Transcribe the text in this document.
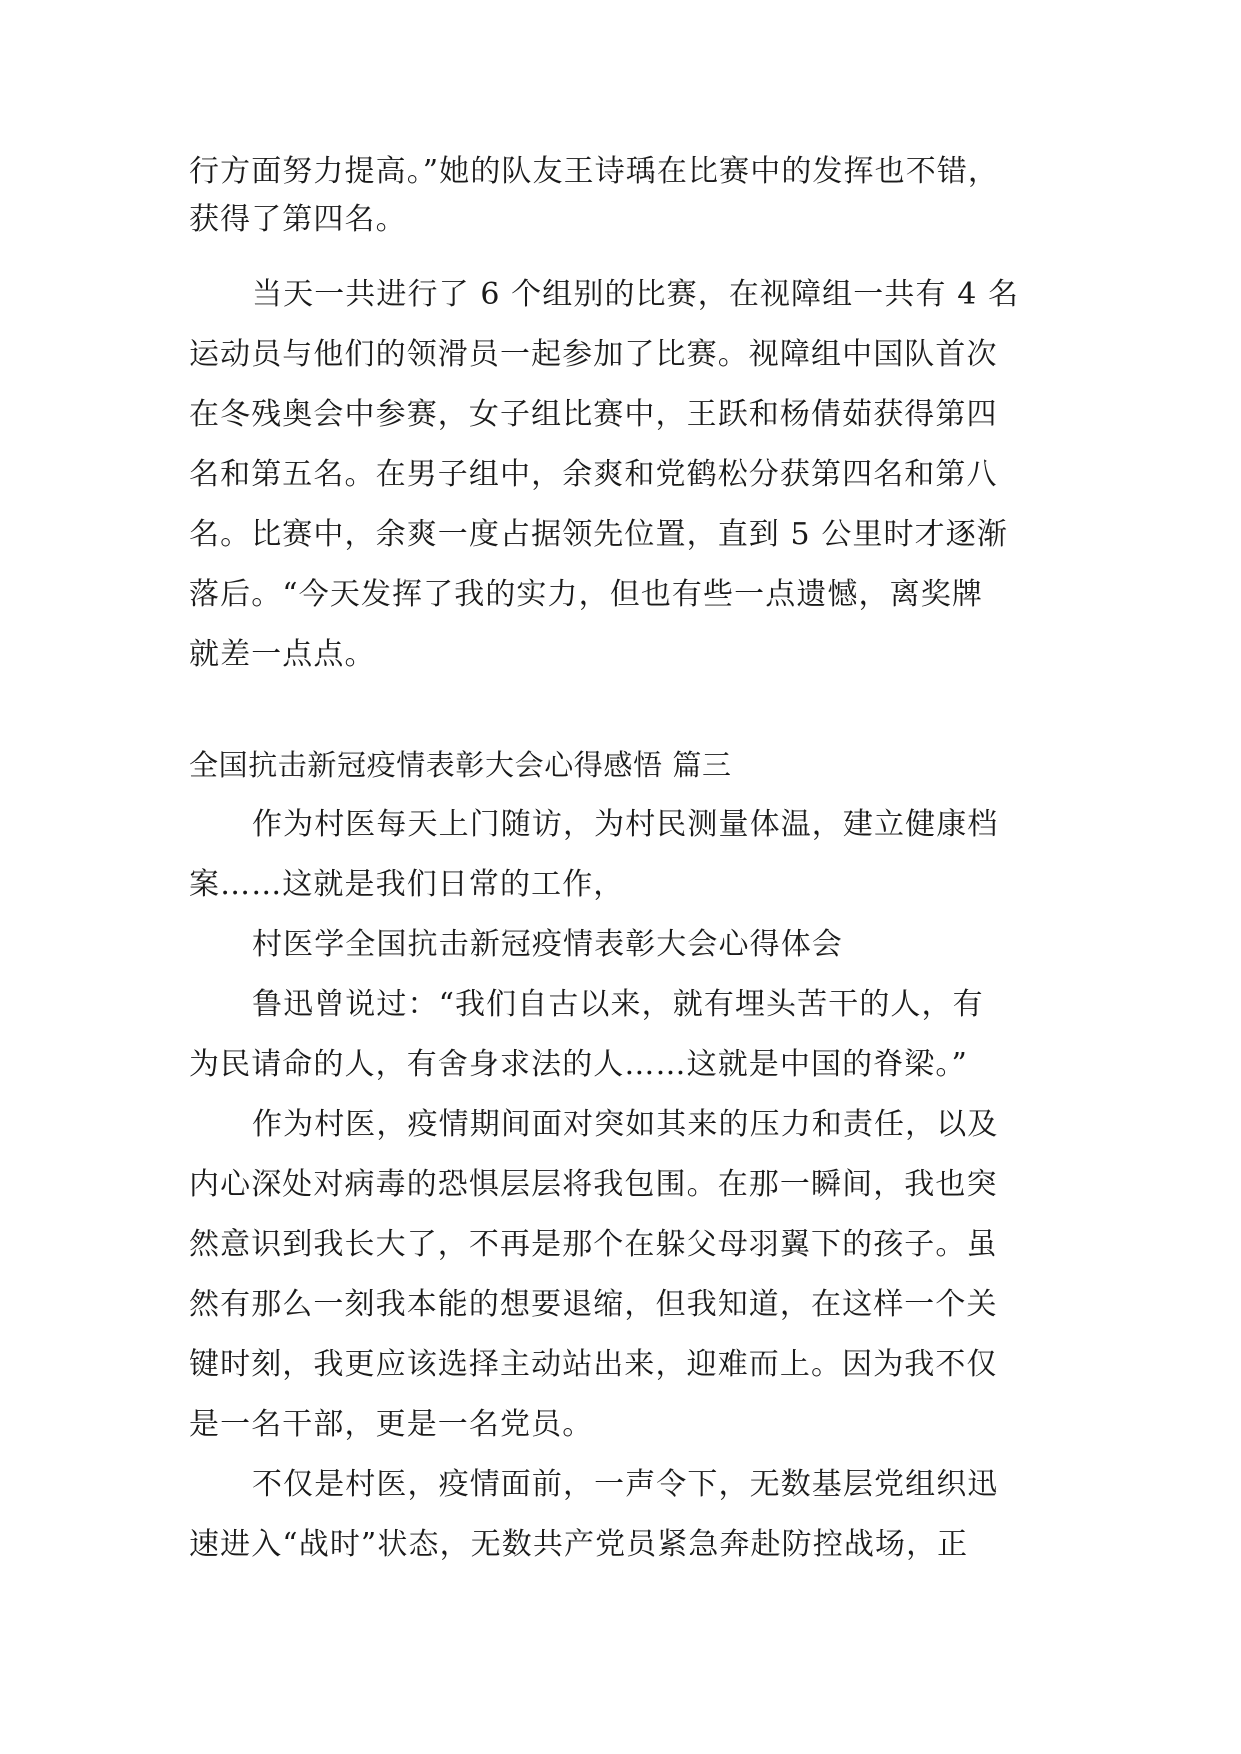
行方面努力提高。”她的队友王诗瑀在比赛中的发挥也不错，
获得了第四名。
当天一共进行了 6 个组别的比赛，在视障组一共有 4 名
运动员与他们的领滑员一起参加了比赛。视障组中国队首次
在冬残奥会中参赛，女子组比赛中，王跃和杨倩茹获得第四
名和第五名。在男子组中，余爽和党鹤松分获第四名和第八
名。比赛中，余爽一度占据领先位置，直到 5 公里时才逐渐
落后。“今天发挥了我的实力，但也有些一点遗憾，离奖牌
就差一点点。
全国抗击新冠疫情表彰大会心得感悟 篇三
作为村医每天上门随访，为村民测量体温，建立健康档
案……这就是我们日常的工作，
村医学全国抗击新冠疫情表彰大会心得体会
鲁迅曾说过：“我们自古以来，就有埋头苦干的人，有
为民请命的人，有舍身求法的人……这就是中国的脊梁。”
作为村医，疫情期间面对突如其来的压力和责任，以及
内心深处对病毒的恐惧层层将我包围。在那一瞬间，我也突
然意识到我长大了，不再是那个在躲父母羽翼下的孩子。虽
然有那么一刻我本能的想要退缩，但我知道，在这样一个关
键时刻，我更应该选择主动站出来，迎难而上。因为我不仅
是一名干部，更是一名党员。
不仅是村医，疫情面前，一声令下，无数基层党组织迅
速进入“战时”状态，无数共产党员紧急奔赴防控战场，正
